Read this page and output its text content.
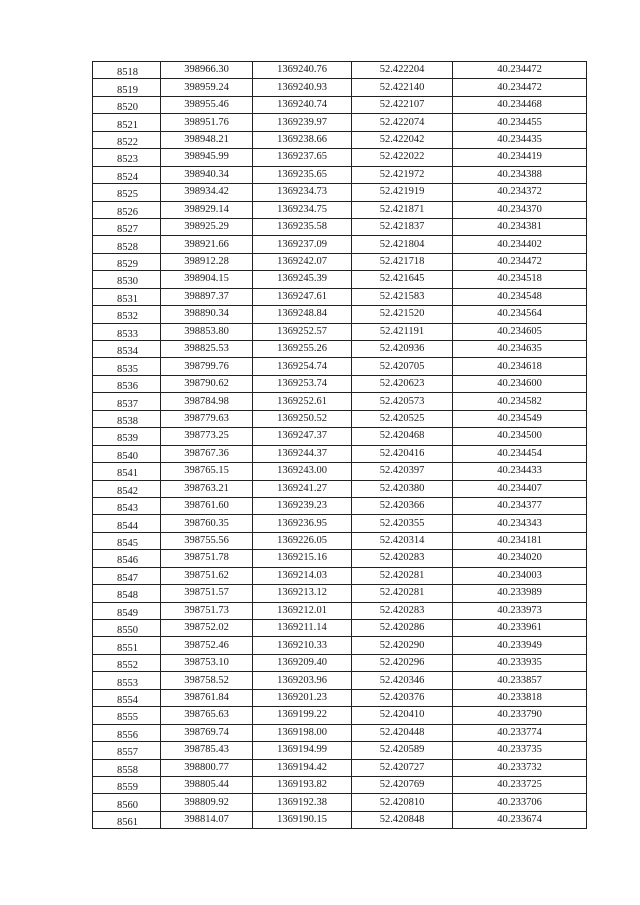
8518	398966.30	1369240.76	52.422204	40.234472
8519	398959.24	1369240.93	52.422140	40.234472
8520	398955.46	1369240.74	52.422107	40.234468
8521	398951.76	1369239.97	52.422074	40.234455
8522	398948.21	1369238.66	52.422042	40.234435
8523	398945.99	1369237.65	52.422022	40.234419
8524	398940.34	1369235.65	52.421972	40.234388
8525	398934.42	1369234.73	52.421919	40.234372
8526	398929.14	1369234.75	52.421871	40.234370
8527	398925.29	1369235.58	52.421837	40.234381
8528	398921.66	1369237.09	52.421804	40.234402
8529	398912.28	1369242.07	52.421718	40.234472
8530	398904.15	1369245.39	52.421645	40.234518
8531	398897.37	1369247.61	52.421583	40.234548
8532	398890.34	1369248.84	52.421520	40.234564
8533	398853.80	1369252.57	52.421191	40.234605
8534	398825.53	1369255.26	52.420936	40.234635
8535	398799.76	1369254.74	52.420705	40.234618
8536	398790.62	1369253.74	52.420623	40.234600
8537	398784.98	1369252.61	52.420573	40.234582
8538	398779.63	1369250.52	52.420525	40.234549
8539	398773.25	1369247.37	52.420468	40.234500
8540	398767.36	1369244.37	52.420416	40.234454
8541	398765.15	1369243.00	52.420397	40.234433
8542	398763.21	1369241.27	52.420380	40.234407
8543	398761.60	1369239.23	52.420366	40.234377
8544	398760.35	1369236.95	52.420355	40.234343
8545	398755.56	1369226.05	52.420314	40.234181
8546	398751.78	1369215.16	52.420283	40.234020
8547	398751.62	1369214.03	52.420281	40.234003
8548	398751.57	1369213.12	52.420281	40.233989
8549	398751.73	1369212.01	52.420283	40.233973
8550	398752.02	1369211.14	52.420286	40.233961
8551	398752.46	1369210.33	52.420290	40.233949
8552	398753.10	1369209.40	52.420296	40.233935
8553	398758.52	1369203.96	52.420346	40.233857
8554	398761.84	1369201.23	52.420376	40.233818
8555	398765.63	1369199.22	52.420410	40.233790
8556	398769.74	1369198.00	52.420448	40.233774
8557	398785.43	1369194.99	52.420589	40.233735
8558	398800.77	1369194.42	52.420727	40.233732
8559	398805.44	1369193.82	52.420769	40.233725
8560	398809.92	1369192.38	52.420810	40.233706
8561	398814.07	1369190.15	52.420848	40.233674
